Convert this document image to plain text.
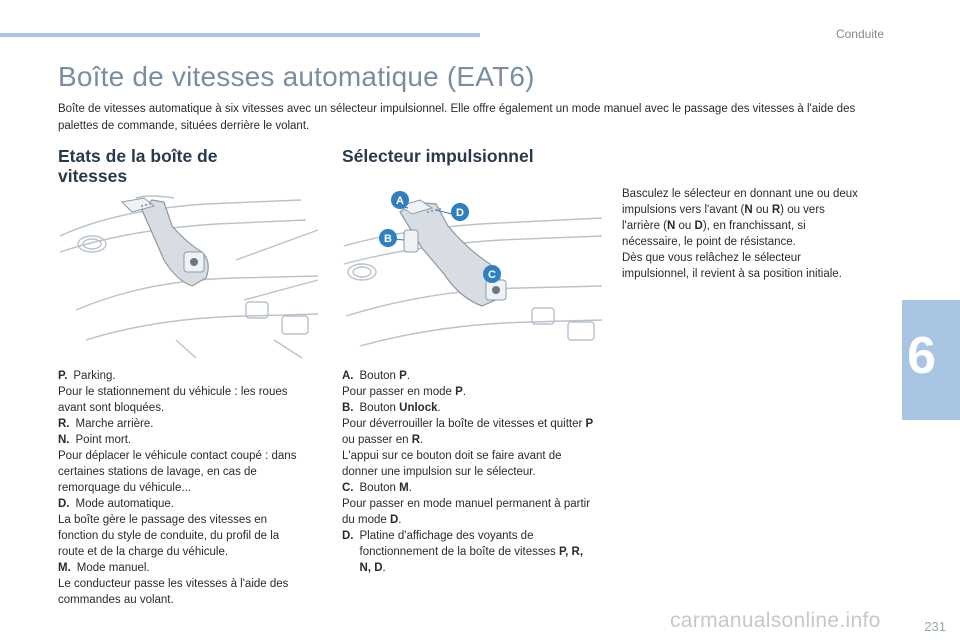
Conduite
6
231
carmanualsonline.info
Boîte de vitesses automatique (EAT6)

Boîte de vitesses automatique à six vitesses avec un sélecteur impulsionnel. Elle offre également un mode manuel avec le passage des vitesses à l'aide des palettes de commande, situées derrière le volant.

Etats de la boîte de vitesses
Sélecteur impulsionnel
A
B
C
D
P. Parking.
Pour le stationnement du véhicule : les roues avant sont bloquées.
R. Marche arrière.
N. Point mort.
Pour déplacer le véhicule contact coupé : dans certaines stations de lavage, en cas de remorquage du véhicule...
D. Mode automatique.
La boîte gère le passage des vitesses en fonction du style de conduite, du profil de la route et de la charge du véhicule.
M. Mode manuel.
Le conducteur passe les vitesses à l'aide des commandes au volant.
A. Bouton P.
Pour passer en mode P.
B. Bouton Unlock.
Pour déverrouiller la boîte de vitesses et quitter P ou passer en R.
L'appui sur ce bouton doit se faire avant de donner une impulsion sur le sélecteur.
C. Bouton M.
Pour passer en mode manuel permanent à partir du mode D.
D. Platine d'affichage des voyants de fonctionnement de la boîte de vitesses P, R, N, D.

Basculez le sélecteur en donnant une ou deux impulsions vers l'avant (N ou R) ou vers l'arrière (N ou D), en franchissant, si nécessaire, le point de résistance.

Dès que vous relâchez le sélecteur impulsionnel, il revient à sa position initiale.
